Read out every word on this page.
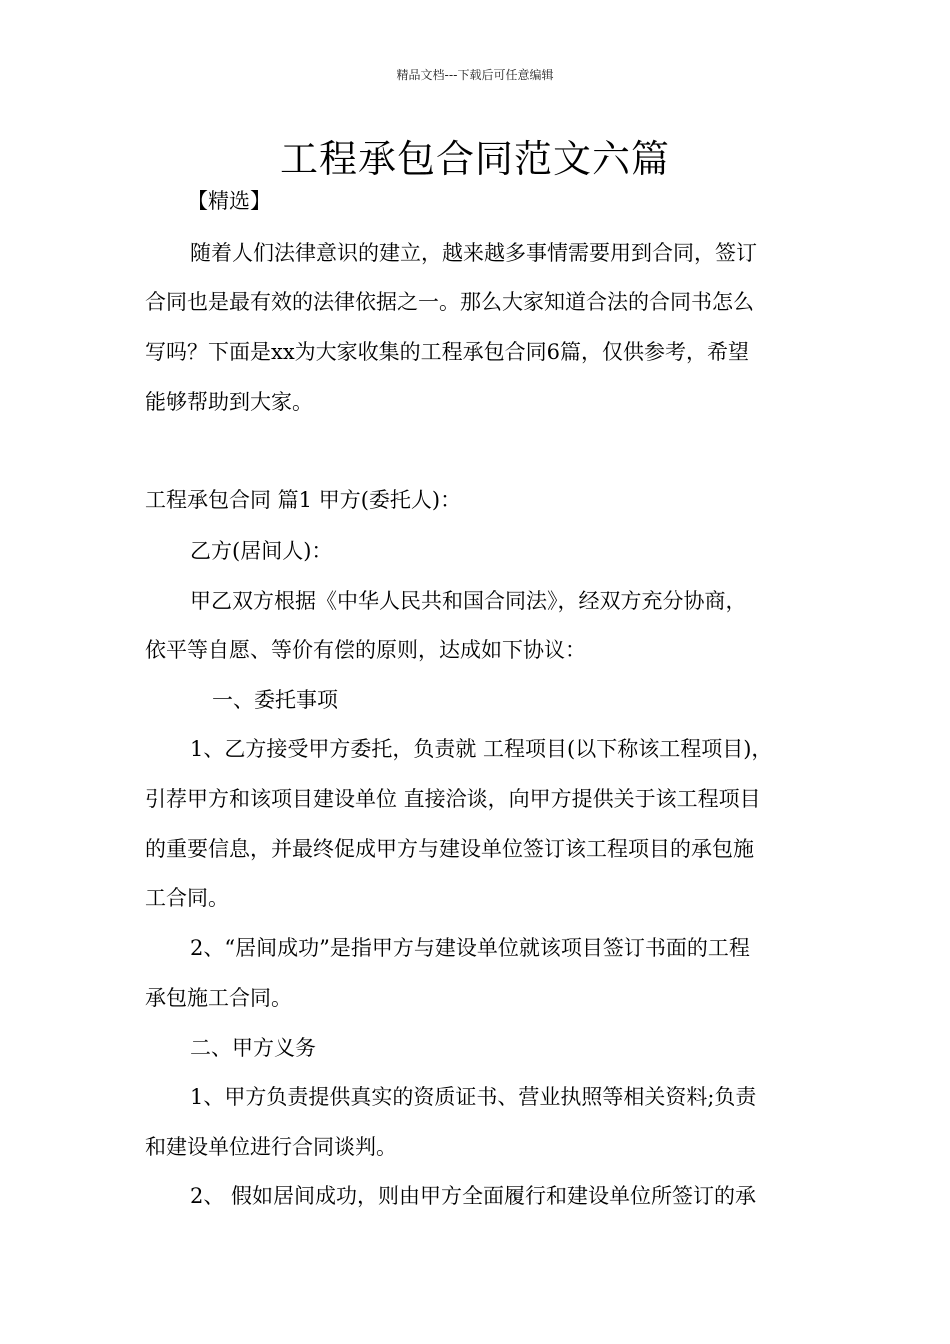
精品文档---下载后可任意编辑
工程承包合同范文六篇
【精选】
随着人们法律意识的建立，越来越多事情需要用到合同，签订
合同也是最有效的法律依据之一。那么大家知道合法的合同书怎么
写吗？下面是xx为大家收集的工程承包合同6篇，仅供参考，希望
能够帮助到大家。
工程承包合同 篇1 甲方(委托人)：
乙方(居间人)：
甲乙双方根据《中华人民共和国合同法》，经双方充分协商，
依平等自愿、等价有偿的原则，达成如下协议：
一、委托事项
1、乙方接受甲方委托，负责就 工程项目(以下称该工程项目)，
引荐甲方和该项目建设单位 直接洽谈，向甲方提供关于该工程项目
的重要信息，并最终促成甲方与建设单位签订该工程项目的承包施
工合同。
2、“居间成功”是指甲方与建设单位就该项目签订书面的工程
承包施工合同。
二、甲方义务
1、甲方负责提供真实的资质证书、营业执照等相关资料;负责
和建设单位进行合同谈判。
2、 假如居间成功，则由甲方全面履行和建设单位所签订的承
